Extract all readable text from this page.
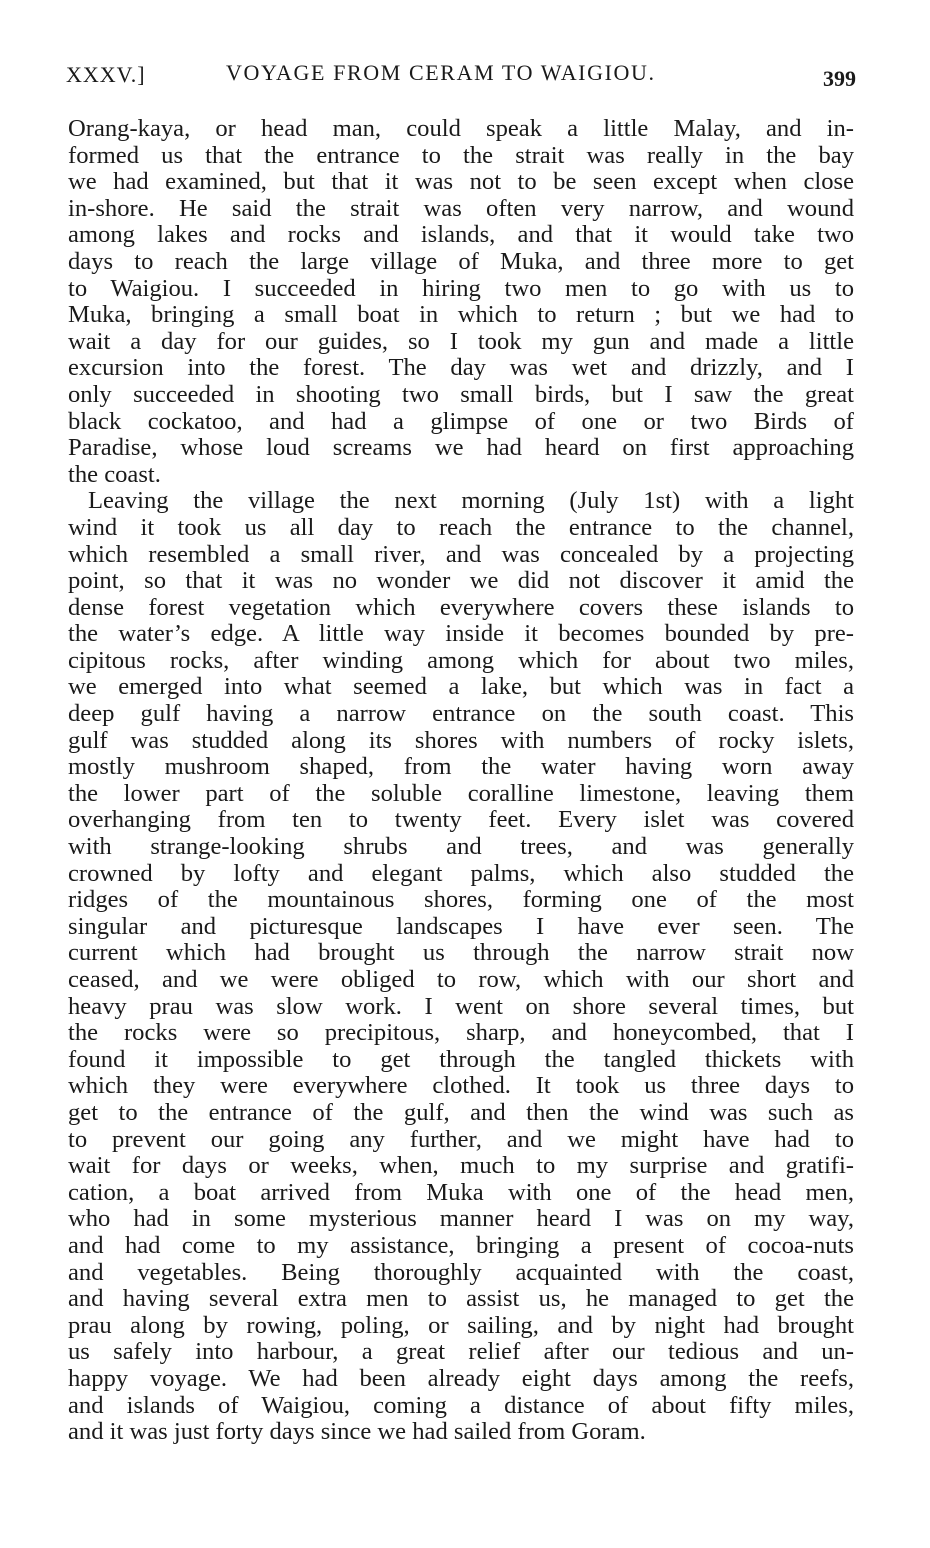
XXXV.]	VOYAGE FROM CERAM TO WAIGIOU.	399
Orang-kaya, or head man, could speak a little Malay, and in-
formed us that the entrance to the strait was really in the bay
we had examined, but that it was not to be seen except when close
in-shore. He said the strait was often very narrow, and wound
among lakes and rocks and islands, and that it would take two
days to reach the large village of Muka, and three more to get
to Waigiou. I succeeded in hiring two men to go with us to
Muka, bringing a small boat in which to return ; but we had to
wait a day for our guides, so I took my gun and made a little
excursion into the forest. The day was wet and drizzly, and I
only succeeded in shooting two small birds, but I saw the great
black cockatoo, and had a glimpse of one or two Birds of
Paradise, whose loud screams we had heard on first approaching
the coast.
Leaving the village the next morning (July 1st) with a light
wind it took us all day to reach the entrance to the channel,
which resembled a small river, and was concealed by a projecting
point, so that it was no wonder we did not discover it amid the
dense forest vegetation which everywhere covers these islands to
the water’s edge. A little way inside it becomes bounded by pre-
cipitous rocks, after winding among which for about two miles,
we emerged into what seemed a lake, but which was in fact a
deep gulf having a narrow entrance on the south coast. This
gulf was studded along its shores with numbers of rocky islets,
mostly mushroom shaped, from the water having worn away
the lower part of the soluble coralline limestone, leaving them
overhanging from ten to twenty feet. Every islet was covered
with strange-looking shrubs and trees, and was generally
crowned by lofty and elegant palms, which also studded the
ridges of the mountainous shores, forming one of the most
singular and picturesque landscapes I have ever seen. The
current which had brought us through the narrow strait now
ceased, and we were obliged to row, which with our short and
heavy prau was slow work. I went on shore several times, but
the rocks were so precipitous, sharp, and honeycombed, that I
found it impossible to get through the tangled thickets with
which they were everywhere clothed. It took us three days to
get to the entrance of the gulf, and then the wind was such as
to prevent our going any further, and we might have had to
wait for days or weeks, when, much to my surprise and gratifi-
cation, a boat arrived from Muka with one of the head men,
who had in some mysterious manner heard I was on my way,
and had come to my assistance, bringing a present of cocoa-nuts
and vegetables. Being thoroughly acquainted with the coast,
and having several extra men to assist us, he managed to get the
prau along by rowing, poling, or sailing, and by night had brought
us safely into harbour, a great relief after our tedious and un-
happy voyage. We had been already eight days among the reefs,
and islands of Waigiou, coming a distance of about fifty miles,
and it was just forty days since we had sailed from Goram.
